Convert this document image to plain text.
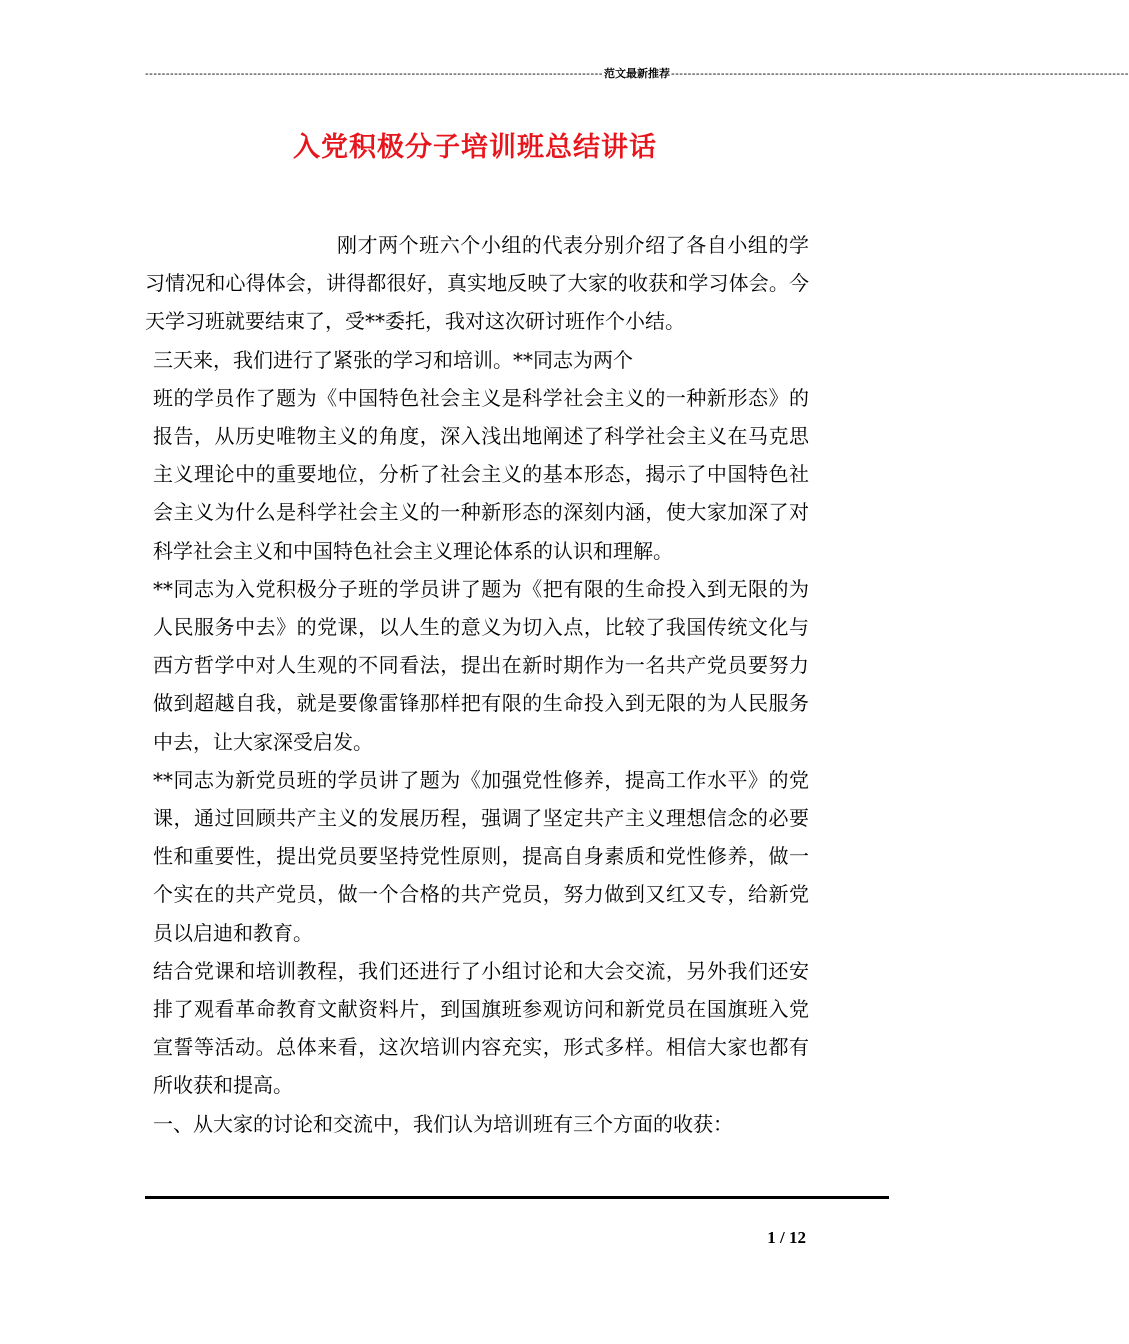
-------------------------------------------------------------------------------------------------------------- 范文最新推荐 --------------------------------------------------------------------------------------------------------------
入党积极分子培训班总结讲话

刚才两个班六个小组的代表分别介绍了各自小组的学习情况和心得体会，讲得都很好，真实地反映了大家的收获和学习体会。今天学习班就要结束了，受**委托，我对这次研讨班作个小结。

三天来，我们进行了紧张的学习和培训。**同志为两个

班的学员作了题为《中国特色社会主义是科学社会主义的一种新形态》的报告，从历史唯物主义的角度，深入浅出地阐述了科学社会主义在马克思主义理论中的重要地位，分析了社会主义的基本形态，揭示了中国特色社会主义为什么是科学社会主义的一种新形态的深刻内涵，使大家加深了对科学社会主义和中国特色社会主义理论体系的认识和理解。

**同志为入党积极分子班的学员讲了题为《把有限的生命投入到无限的为人民服务中去》的党课，以人生的意义为切入点，比较了我国传统文化与西方哲学中对人生观的不同看法，提出在新时期作为一名共产党员要努力做到超越自我，就是要像雷锋那样把有限的生命投入到无限的为人民服务中去，让大家深受启发。

**同志为新党员班的学员讲了题为《加强党性修养，提高工作水平》的党课，通过回顾共产主义的发展历程，强调了坚定共产主义理想信念的必要性和重要性，提出党员要坚持党性原则，提高自身素质和党性修养，做一个实在的共产党员，做一个合格的共产党员，努力做到又红又专，给新党员以启迪和教育。

结合党课和培训教程，我们还进行了小组讨论和大会交流，另外我们还安排了观看革命教育文献资料片，到国旗班参观访问和新党员在国旗班入党宣誓等活动。总体来看，这次培训内容充实，形式多样。相信大家也都有所收获和提高。

一、从大家的讨论和交流中，我们认为培训班有三个方面的收获：

1 / 12
